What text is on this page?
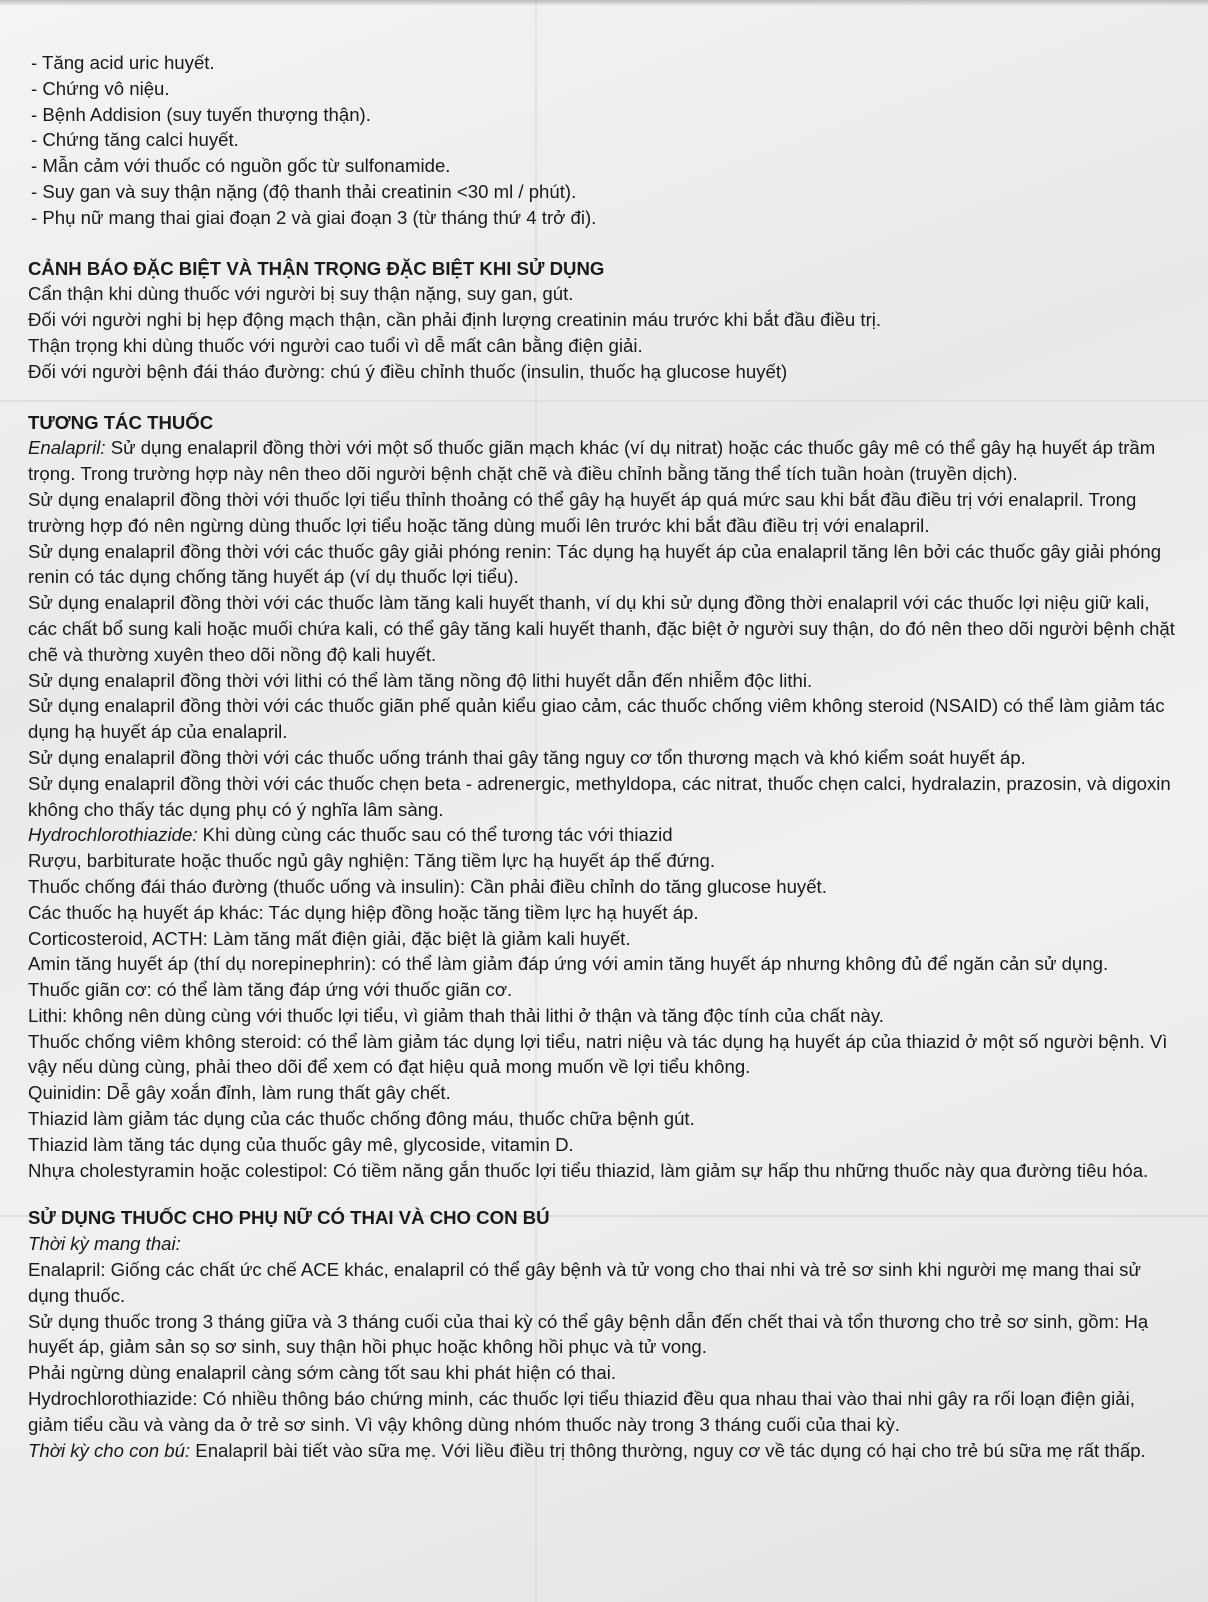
- Tăng acid uric huyết.

- Chứng vô niệu.

- Bệnh Addision (suy tuyến thượng thận).

- Chứng tăng calci huyết.

- Mẫn cảm với thuốc có nguồn gốc từ sulfonamide.

- Suy gan và suy thận nặng (độ thanh thải creatinin <30 ml / phút).

- Phụ nữ mang thai giai đoạn 2 và giai đoạn 3 (từ tháng thứ 4 trở đi).

CẢNH BÁO ĐẶC BIỆT VÀ THẬN TRỌNG ĐẶC BIỆT KHI SỬ DỤNG

Cẩn thận khi dùng thuốc với người bị suy thận nặng, suy gan, gút.

Đối với người nghi bị hẹp động mạch thận, cần phải định lượng creatinin máu trước khi bắt đầu điều trị.

Thận trọng khi dùng thuốc với người cao tuổi vì dễ mất cân bằng điện giải.

Đối với người bệnh đái tháo đường: chú ý điều chỉnh thuốc (insulin, thuốc hạ glucose huyết)

TƯƠNG TÁC THUỐC

Enalapril: Sử dụng enalapril đồng thời với một số thuốc giãn mạch khác (ví dụ nitrat) hoặc các thuốc gây mê có thể gây hạ huyết áp trầm trọng. Trong trường hợp này nên theo dõi người bệnh chặt chẽ và điều chỉnh bằng tăng thể tích tuần hoàn (truyền dịch).

Sử dụng enalapril đồng thời với thuốc lợi tiểu thỉnh thoảng có thể gây hạ huyết áp quá mức sau khi bắt đầu điều trị với enalapril. Trong trường hợp đó nên ngừng dùng thuốc lợi tiểu hoặc tăng dùng muối lên trước khi bắt đầu điều trị với enalapril.

Sử dụng enalapril đồng thời với các thuốc gây giải phóng renin: Tác dụng hạ huyết áp của enalapril tăng lên bởi các thuốc gây giải phóng renin có tác dụng chống tăng huyết áp (ví dụ thuốc lợi tiểu).

Sử dụng enalapril đồng thời với các thuốc làm tăng kali huyết thanh, ví dụ khi sử dụng đồng thời enalapril với các thuốc lợi niệu giữ kali, các chất bổ sung kali hoặc muối chứa kali, có thể gây tăng kali huyết thanh, đặc biệt ở người suy thận, do đó nên theo dõi người bệnh chặt chẽ và thường xuyên theo dõi nồng độ kali huyết.

Sử dụng enalapril đồng thời với lithi có thể làm tăng nồng độ lithi huyết dẫn đến nhiễm độc lithi.

Sử dụng enalapril đồng thời với các thuốc giãn phế quản kiểu giao cảm, các thuốc chống viêm không steroid (NSAID) có thể làm giảm tác dụng hạ huyết áp của enalapril.

Sử dụng enalapril đồng thời với các thuốc uống tránh thai gây tăng nguy cơ tổn thương mạch và khó kiểm soát huyết áp.

Sử dụng enalapril đồng thời với các thuốc chẹn beta - adrenergic, methyldopa, các nitrat, thuốc chẹn calci, hydralazin, prazosin, và digoxin không cho thấy tác dụng phụ có ý nghĩa lâm sàng.

Hydrochlorothiazide: Khi dùng cùng các thuốc sau có thể tương tác với thiazid

Rượu, barbiturate hoặc thuốc ngủ gây nghiện: Tăng tiềm lực hạ huyết áp thế đứng.

Thuốc chống đái tháo đường (thuốc uống và insulin): Cần phải điều chỉnh do tăng glucose huyết.

Các thuốc hạ huyết áp khác: Tác dụng hiệp đồng hoặc tăng tiềm lực hạ huyết áp.

Corticosteroid, ACTH: Làm tăng mất điện giải, đặc biệt là giảm kali huyết.

Amin tăng huyết áp (thí dụ norepinephrin): có thể làm giảm đáp ứng với amin tăng huyết áp nhưng không đủ để ngăn cản sử dụng.

Thuốc giãn cơ: có thể làm tăng đáp ứng với thuốc giãn cơ.

Lithi: không nên dùng cùng với thuốc lợi tiểu, vì giảm thah thải lithi ở thận và tăng độc tính của chất này.

Thuốc chống viêm không steroid: có thể làm giảm tác dụng lợi tiểu, natri niệu và tác dụng hạ huyết áp của thiazid ở một số người bệnh. Vì vậy nếu dùng cùng, phải theo dõi để xem có đạt hiệu quả mong muốn về lợi tiểu không.

Quinidin: Dễ gây xoắn đỉnh, làm rung thất gây chết.

Thiazid làm giảm tác dụng của các thuốc chống đông máu, thuốc chữa bệnh gút.

Thiazid làm tăng tác dụng của thuốc gây mê, glycoside, vitamin D.

Nhựa cholestyramin hoặc colestipol: Có tiềm năng gắn thuốc lợi tiểu thiazid, làm giảm sự hấp thu những thuốc này qua đường tiêu hóa.

SỬ DỤNG THUỐC CHO PHỤ NỮ CÓ THAI VÀ CHO CON BÚ

Thời kỳ mang thai:

Enalapril: Giống các chất ức chế ACE khác, enalapril có thể gây bệnh và tử vong cho thai nhi và trẻ sơ sinh khi người mẹ mang thai sử dụng thuốc.

Sử dụng thuốc trong 3 tháng giữa và 3 tháng cuối của thai kỳ có thể gây bệnh dẫn đến chết thai và tổn thương cho trẻ sơ sinh, gồm: Hạ huyết áp, giảm sản sọ sơ sinh, suy thận hồi phục hoặc không hồi phục và tử vong.

Phải ngừng dùng enalapril càng sớm càng tốt sau khi phát hiện có thai.

Hydrochlorothiazide: Có nhiều thông báo chứng minh, các thuốc lợi tiểu thiazid đều qua nhau thai vào thai nhi gây ra rối loạn điện giải, giảm tiểu cầu và vàng da ở trẻ sơ sinh. Vì vậy không dùng nhóm thuốc này trong 3 tháng cuối của thai kỳ.

Thời kỳ cho con bú: Enalapril bài tiết vào sữa mẹ. Với liều điều trị thông thường, nguy cơ về tác dụng có hại cho trẻ bú sữa mẹ rất thấp.
